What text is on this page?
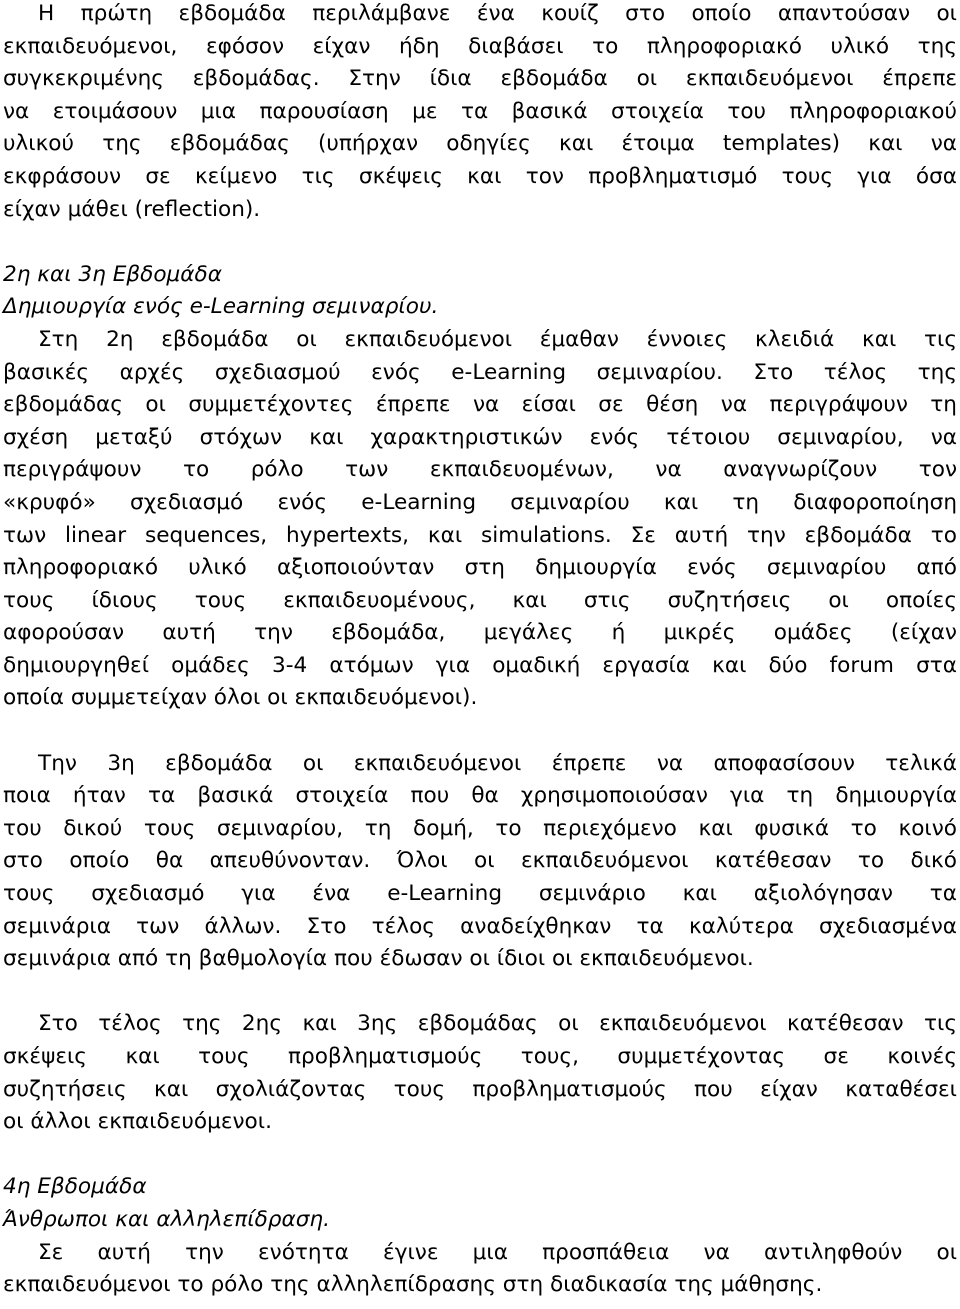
Η πρώτη εβδομάδα περιλάμβανε ένα κουίζ στο οποίο απαντούσαν οι
εκπαιδευόμενοι, εφόσον είχαν ήδη διαβάσει το πληροφοριακό υλικό της
συγκεκριμένης εβδομάδας. Στην ίδια εβδομάδα οι εκπαιδευόμενοι έπρεπε
να ετοιμάσουν μια παρουσίαση με τα βασικά στοιχεία του πληροφοριακού
υλικού της εβδομάδας (υπήρχαν οδηγίες και έτοιμα templates) και να
εκφράσουν σε κείμενο τις σκέψεις και τον προβληματισμό τους για όσα
είχαν μάθει (reflection).
2η και 3η Εβδομάδα
Δημιουργία ενός e-Learning σεμιναρίου.
Στη 2η εβδομάδα οι εκπαιδευόμενοι έμαθαν έννοιες κλειδιά και τις
βασικές αρχές σχεδιασμού ενός e-Learning σεμιναρίου. Στο τέλος της
εβδομάδας οι συμμετέχοντες έπρεπε να είσαι σε θέση να περιγράψουν τη
σχέση μεταξύ στόχων και χαρακτηριστικών ενός τέτοιου σεμιναρίου, να
περιγράψουν το ρόλο των εκπαιδευομένων, να αναγνωρίζουν τον
«κρυφό» σχεδιασμό ενός e-Learning σεμιναρίου και τη διαφοροποίηση
των linear sequences, hypertexts, και simulations. Σε αυτή την εβδομάδα το
πληροφοριακό υλικό αξιοποιούνταν στη δημιουργία ενός σεμιναρίου από
τους ίδιους τους εκπαιδευομένους, και στις συζητήσεις οι οποίες
αφορούσαν αυτή την εβδομάδα, μεγάλες ή μικρές ομάδες (είχαν
δημιουργηθεί ομάδες 3-4 ατόμων για ομαδική εργασία και δύο forum στα
οποία συμμετείχαν όλοι οι εκπαιδευόμενοι).
Την 3η εβδομάδα οι εκπαιδευόμενοι έπρεπε να αποφασίσουν τελικά
ποια ήταν τα βασικά στοιχεία που θα χρησιμοποιούσαν για τη δημιουργία
του δικού τους σεμιναρίου, τη δομή, το περιεχόμενο και φυσικά το κοινό
στο οποίο θα απευθύνονταν. Όλοι οι εκπαιδευόμενοι κατέθεσαν το δικό
τους σχεδιασμό για ένα e-Learning σεμινάριο και αξιολόγησαν τα
σεμινάρια των άλλων. Στο τέλος αναδείχθηκαν τα καλύτερα σχεδιασμένα
σεμινάρια από τη βαθμολογία που έδωσαν οι ίδιοι οι εκπαιδευόμενοι.
Στο τέλος της 2ης και 3ης εβδομάδας οι εκπαιδευόμενοι κατέθεσαν τις
σκέψεις και τους προβληματισμούς τους, συμμετέχοντας σε κοινές
συζητήσεις και σχολιάζοντας τους προβληματισμούς που είχαν καταθέσει
οι άλλοι εκπαιδευόμενοι.
4η Εβδομάδα
Άνθρωποι και αλληλεπίδραση.
Σε αυτή την ενότητα έγινε μια προσπάθεια να αντιληφθούν οι
εκπαιδευόμενοι το ρόλο της αλληλεπίδρασης στη διαδικασία της μάθησης.
